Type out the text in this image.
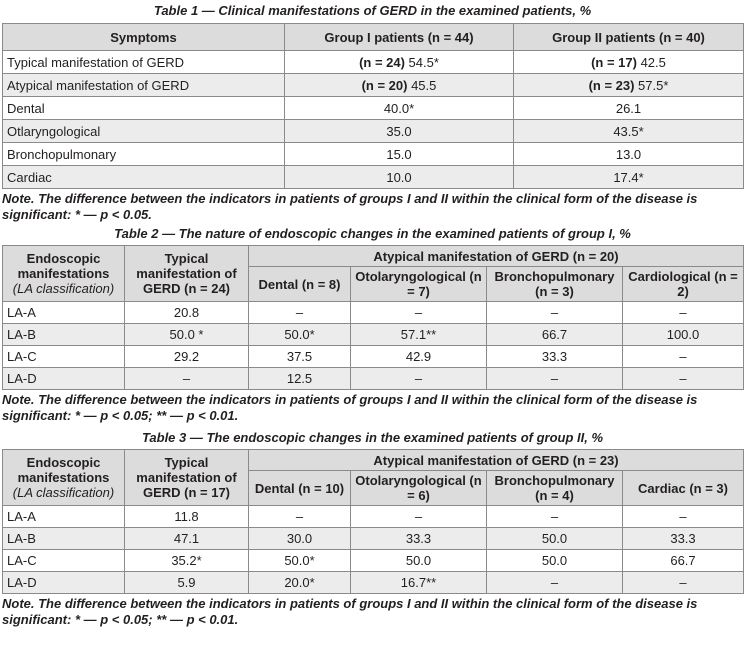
Table 1 — Clinical manifestations of GERD in the examined patients, %
Symptoms	Group I patients (n = 44)	Group II patients (n = 40)
Typical manifestation of GERD	(n = 24) 54.5*	(n = 17) 42.5
Atypical manifestation of GERD	(n = 20) 45.5	(n = 23) 57.5*
Dental	40.0*	26.1
Otlaryngological	35.0	43.5*
Bronchopulmonary	15.0	13.0
Cardiac	10.0	17.4*
Note. The difference between the indicators in patients of groups I and II within the clinical form of the disease is significant: * — p < 0.05.
Table 2 — The nature of endoscopic changes in the examined patients of group I, %
Endoscopic manifestations
(LA classification)	Typical manifestation of GERD (n = 24)	Atypical manifestation of GERD (n = 20)			
		Dental (n = 8)	Otolaryngological (n = 7)	Bronchopulmonary (n = 3)	Cardiological (n = 2)
LA-A	20.8	–	–	–	–
LA-B	50.0 *	50.0*	57.1**	66.7	100.0
LA-C	29.2	37.5	42.9	33.3	–
LA-D	–	12.5	–	–	–
Note. The difference between the indicators in patients of groups I and II within the clinical form of the disease is significant: * — p < 0.05; ** — p < 0.01.
Table 3 — The endoscopic changes in the examined patients of group II, %
Endoscopic manifestations
(LA classification)	Typical manifestation of GERD (n = 17)	Atypical manifestation of GERD (n = 23)			
		Dental (n = 10)	Otolaryngological (n = 6)	Bronchopulmonary (n = 4)	Cardiac (n = 3)
LA-A	11.8	–	–	–	–
LA-B	47.1	30.0	33.3	50.0	33.3
LA-C	35.2*	50.0*	50.0	50.0	66.7
LA-D	5.9	20.0*	16.7**	–	–
Note. The difference between the indicators in patients of groups I and II within the clinical form of the disease is significant: * — p < 0.05; ** — p < 0.01.
